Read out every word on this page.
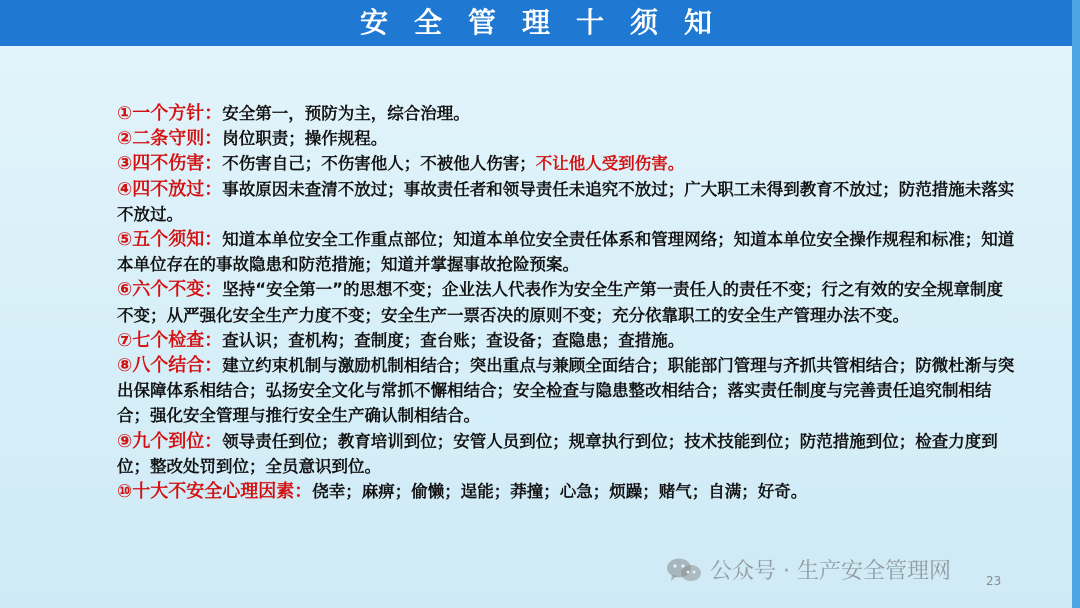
安全管理十须知
①一个方针：安全第一，预防为主，综合治理。
②二条守则：岗位职责；操作规程。
③四不伤害：不伤害自己；不伤害他人；不被他人伤害；不让他人受到伤害。
④四不放过：事故原因未查清不放过；事故责任者和领导责任未追究不放过；广大职工未得到教育不放过；防范措施未落实不放过。
⑤五个须知：知道本单位安全工作重点部位；知道本单位安全责任体系和管理网络；知道本单位安全操作规程和标准；知道本单位存在的事故隐患和防范措施；知道并掌握事故抢险预案。
⑥六个不变：坚持“安全第一”的思想不变；企业法人代表作为安全生产第一责任人的责任不变；行之有效的安全规章制度不变；从严强化安全生产力度不变；安全生产一票否决的原则不变；充分依靠职工的安全生产管理办法不变。
⑦七个检查：查认识；查机构；查制度；查台账；查设备；查隐患；查措施。
⑧八个结合：建立约束机制与激励机制相结合；突出重点与兼顾全面结合；职能部门管理与齐抓共管相结合；防微杜渐与突出保障体系相结合；弘扬安全文化与常抓不懈相结合；安全检查与隐患整改相结合；落实责任制度与完善责任追究制相结合；强化安全管理与推行安全生产确认制相结合。
⑨九个到位：领导责任到位；教育培训到位；安管人员到位；规章执行到位；技术技能到位；防范措施到位；检查力度到位；整改处罚到位；全员意识到位。
⑩十大不安全心理因素：侥幸；麻痹；偷懒；逞能；莽撞；心急；烦躁；赌气；自满；好奇。
公众号 · 生产安全管理网	23
